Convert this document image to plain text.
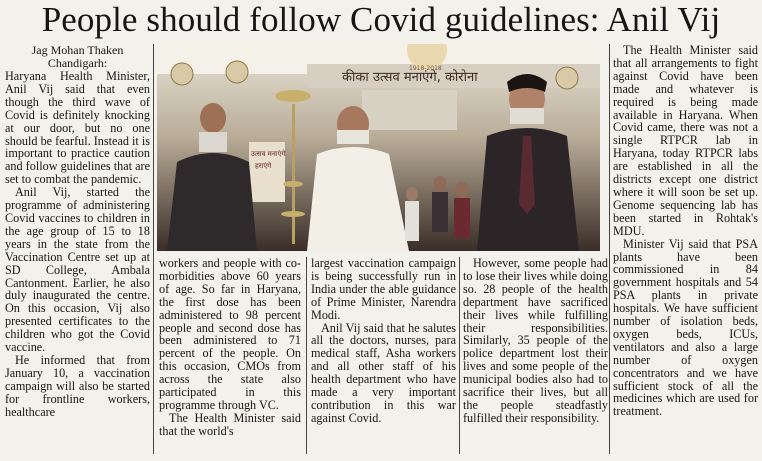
People should follow Covid guidelines: Anil Vij
Jag Mohan Thaken
Chandigarh:

Haryana Health Minister, Anil Vij said that even though the third wave of Covid is definitely knocking at our door, but no one should be fearful. Instead it is important to practice caution and follow guidelines that are set to combat the pandemic.

Anil Vij, started the programme of administering Covid vaccines to children in the age group of 15 to 18 years in the state from the Vaccination Centre set up at SD College, Ambala Cantonment. Earlier, he also duly inaugurated the centre. On this occasion, Vij also presented certificates to the children who got the Covid vaccine.

He informed that from January 10, a vaccination campaign will also be started for frontline workers, healthcare

कीका उत्सव मनाएंगे, कोरोना
1918-2018
उत्सव मनाएंगे
हराएंगे

workers and people with co-morbidities above 60 years of age. So far in Haryana, the first dose has been administered to 98 percent people and second dose has been administered to 71 percent of the people. On this occasion, CMOs from across the state also participated in this programme through VC.

The Health Minister said that the world's

largest vaccination campaign is being successfully run in India under the able guidance of Prime Minister, Narendra Modi.

Anil Vij said that he salutes all the doctors, nurses, para medical staff, Asha workers and all other staff of his health department who have made a very important contribution in this war against Covid.

However, some people had to lose their lives while doing so. 28 people of the health department have sacrificed their lives while fulfilling their responsibilities. Similarly, 35 people of the police department lost their lives and some people of the municipal bodies also had to sacrifice their lives, but all the people steadfastly fulfilled their responsibility.

The Health Minister said that all arrangements to fight against Covid have been made and whatever is required is being made available in Haryana. When Covid came, there was not a single RTPCR lab in Haryana, today RTPCR labs are established in all the districts except one district where it will soon be set up. Genome sequencing lab has been started in Rohtak's MDU.

Minister Vij said that PSA plants have been commissioned in 84 government hospitals and 54 PSA plants in private hospitals. We have sufficient number of isolation beds, oxygen beds, ICUs, ventilators and also a large number of oxygen concentrators and we have sufficient stock of all the medicines which are used for treatment.
